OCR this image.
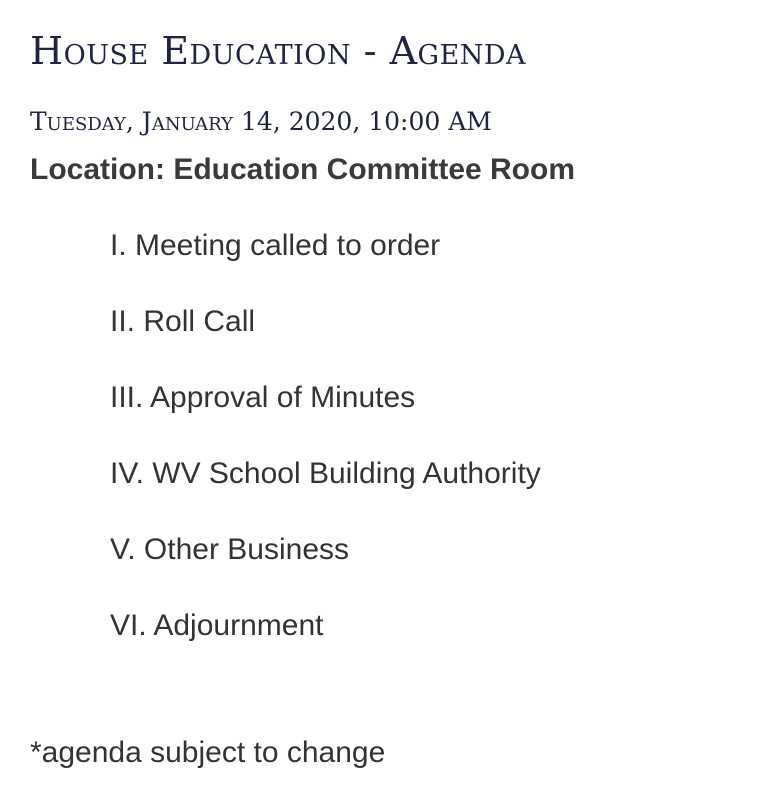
House Education - Agenda
Tuesday, January 14, 2020, 10:00 AM
Location: Education Committee Room
I. Meeting called to order
II. Roll Call
III. Approval of Minutes
IV. WV School Building Authority
V. Other Business
VI. Adjournment
*agenda subject to change
